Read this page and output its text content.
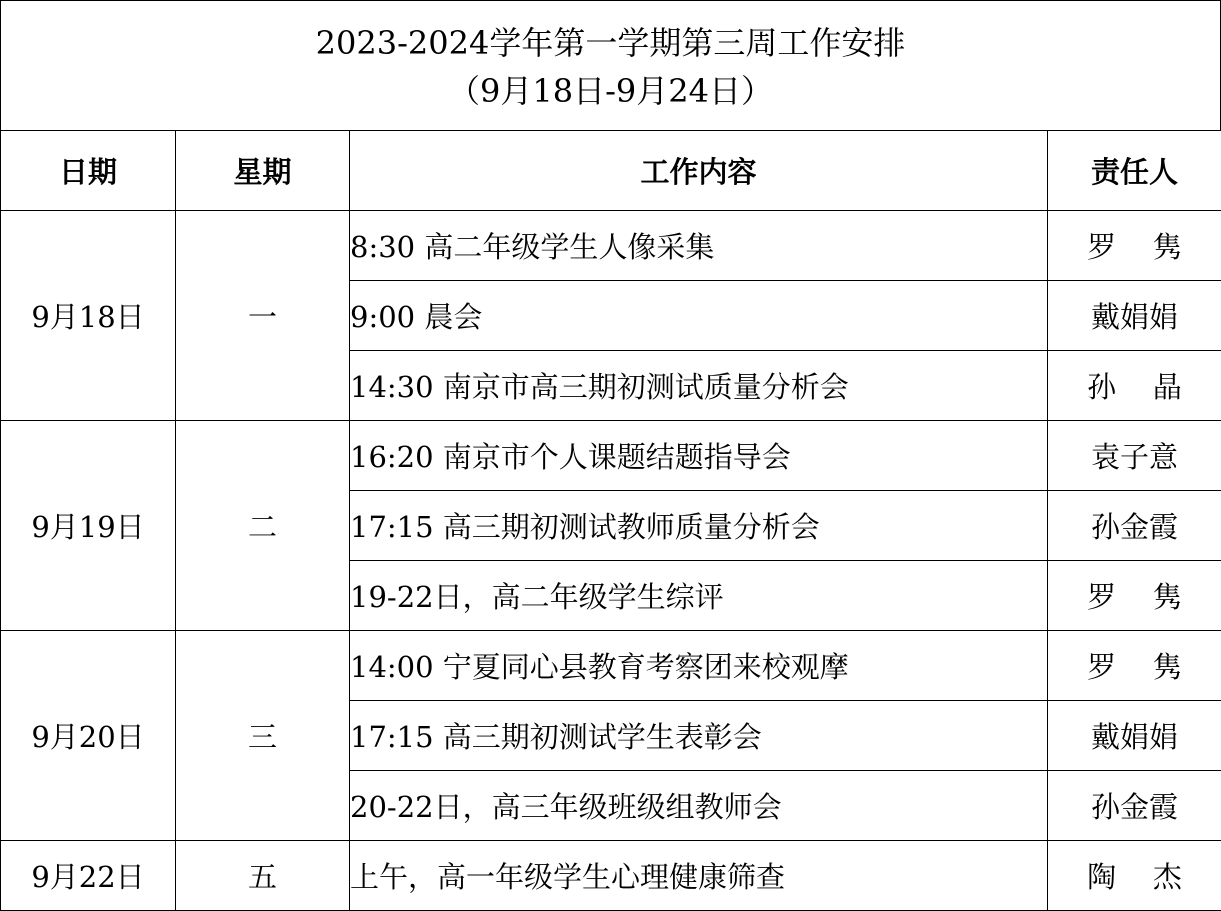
2023-2024学年第一学期第三周工作安排
（9月18日-9月24日）
日期	星期	工作内容	责任人
9月18日	一	8:30 高二年级学生人像采集	罗    隽
		9:00 晨会	戴娟娟
		14:30 南京市高三期初测试质量分析会	孙    晶
9月19日	二	16:20 南京市个人课题结题指导会	袁子意
		17:15 高三期初测试教师质量分析会	孙金霞
		19-22日，高二年级学生综评	罗    隽
9月20日	三	14:00 宁夏同心县教育考察团来校观摩	罗    隽
		17:15 高三期初测试学生表彰会	戴娟娟
		20-22日，高三年级班级组教师会	孙金霞
9月22日	五	上午，高一年级学生心理健康筛查	陶    杰
